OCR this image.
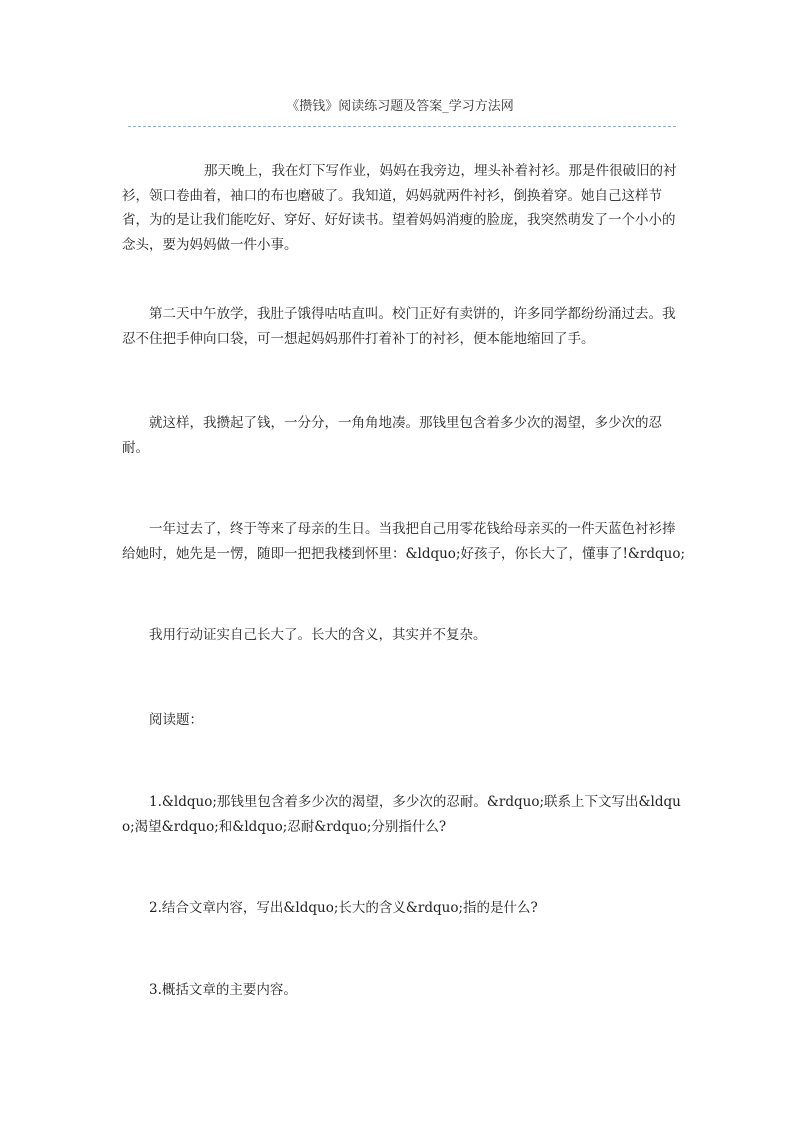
《攒钱》阅读练习题及答案_学习方法网

那天晚上，我在灯下写作业，妈妈在我旁边，埋头补着衬衫。那是件很破旧的衬衫，领口卷曲着，袖口的布也磨破了。我知道，妈妈就两件衬衫，倒换着穿。她自己这样节省，为的是让我们能吃好、穿好、好好读书。望着妈妈消瘦的脸庞，我突然萌发了一个小小的念头，要为妈妈做一件小事。

第二天中午放学，我肚子饿得咕咕直叫。校门正好有卖饼的，许多同学都纷纷涌过去。我忍不住把手伸向口袋，可一想起妈妈那件打着补丁的衬衫，便本能地缩回了手。

就这样，我攒起了钱，一分分，一角角地凑。那钱里包含着多少次的渴望，多少次的忍耐。

一年过去了，终于等来了母亲的生日。当我把自己用零花钱给母亲买的一件天蓝色衬衫捧给她时，她先是一愣，随即一把把我楼到怀里：&ldquo;好孩子，你长大了，懂事了!&rdquo;

我用行动证实自己长大了。长大的含义，其实并不复杂。

阅读题：

1.&ldquo;那钱里包含着多少次的渴望，多少次的忍耐。&rdquo;联系上下文写出&ldquo;渴望&rdquo;和&ldquo;忍耐&rdquo;分别指什么?

2.结合文章内容，写出&ldquo;长大的含义&rdquo;指的是什么?

3.概括文章的主要内容。
